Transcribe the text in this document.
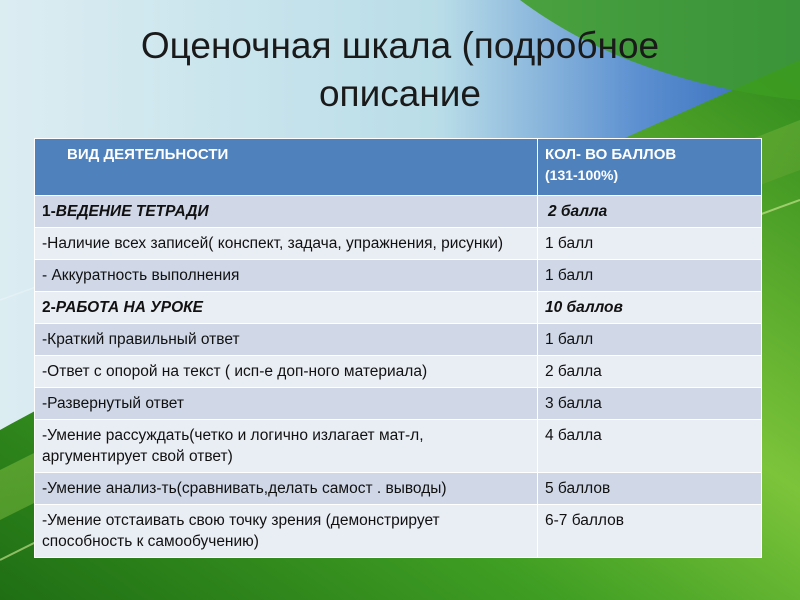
Оценочная шкала (подробное
описание
ВИД ДЕЯТЕЛЬНОСТИ	КОЛ- ВО БАЛЛОВ
(131-100%)

1-ВЕДЕНИЕ ТЕТРАДИ	2 балла
-Наличие всех записей( конспект, задача, упражнения, рисунки)	1 балл
- Аккуратность выполнения	1 балл
2-РАБОТА НА УРОКЕ	10 баллов
-Краткий правильный ответ	1 балл
-Ответ с опорой на текст ( исп-е доп-ного материала)	2 балла
-Развернутый ответ	3 балла
-Умение рассуждать(четко и логично излагает мат-л, аргументирует свой ответ)	4 балла
-Умение анализ-ть(сравнивать,делать самост . выводы)	5 баллов
-Умение отстаивать свою точку зрения (демонстрирует способность к самообучению)	6-7 баллов
